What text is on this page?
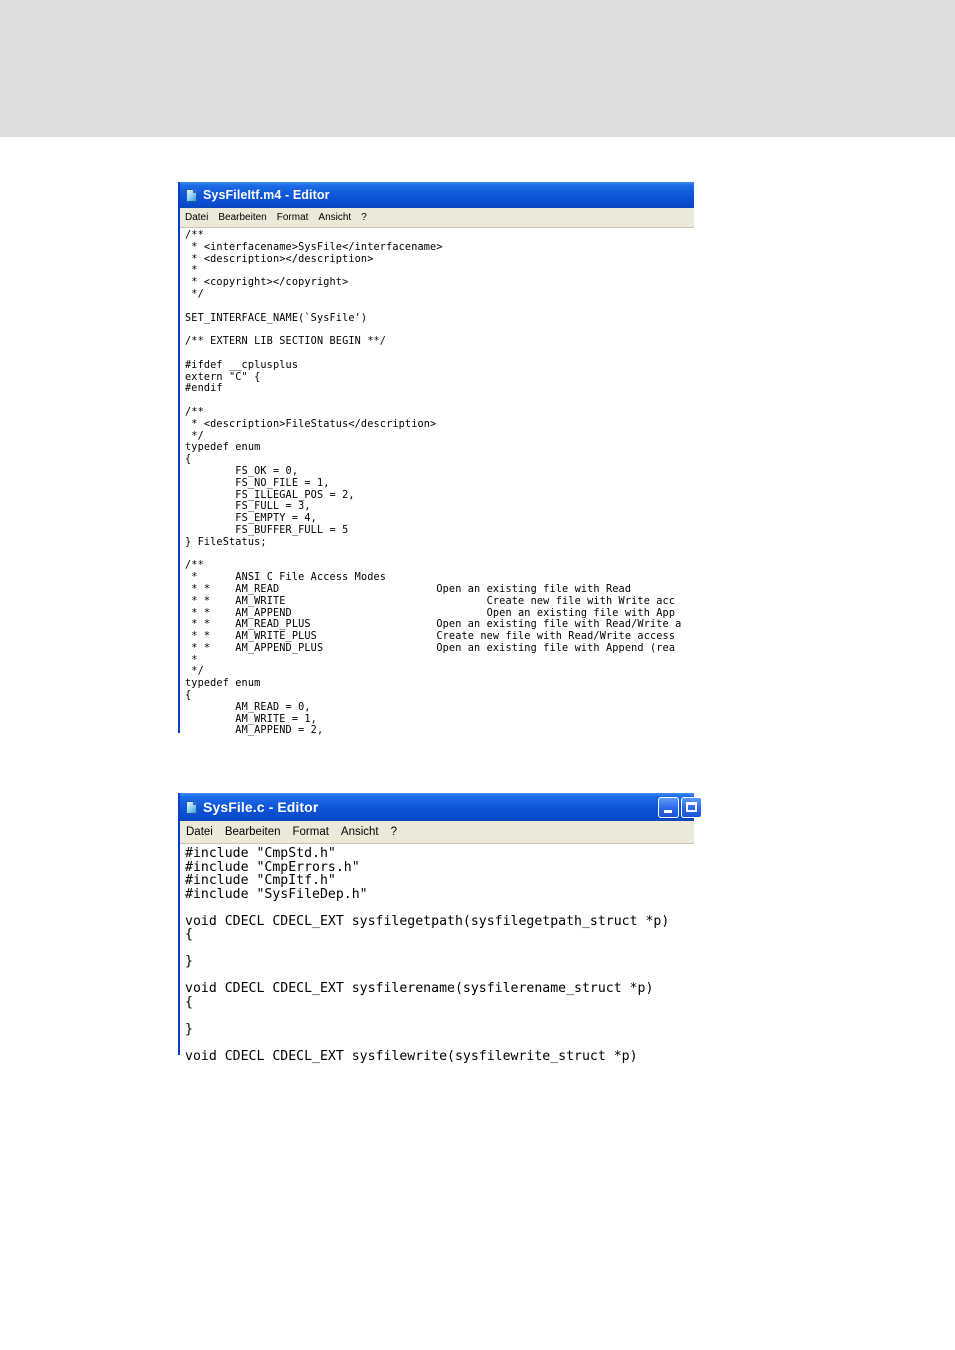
SysFileItf.m4 - Editor
Datei Bearbeiten Format Ansicht ?
/**
* <interfacename>SysFile</interfacename>
* <description></description>
*
* <copyright></copyright>
*/

SET_INTERFACE_NAME(`SysFile')

/** EXTERN LIB SECTION BEGIN **/

#ifdef __cplusplus
extern "C" {
#endif

/**
* <description>FileStatus</description>
*/
typedef enum
{
	FS_OK = 0,
	FS_NO_FILE = 1,
	FS_ILLEGAL_POS = 2,
	FS_FULL = 3,
	FS_EMPTY = 4,
	FS_BUFFER_FULL = 5
} FileStatus;

/**
*	ANSI C File Access Modes
* *	AM_READ				Open an existing file with Read
* *	AM_WRITE				Create new file with Write acc
* *	AM_APPEND				Open an existing file with App
* *	AM_READ_PLUS			Open an existing file with Read/Write a
* *	AM_WRITE_PLUS			Create new file with Read/Write access
* *	AM_APPEND_PLUS			Open an existing file with Append (rea
*
*/
typedef enum
{
	AM_READ = 0,
	AM_WRITE = 1,
	AM_APPEND = 2,
SysFile.c - Editor
Datei Bearbeiten Format Ansicht ?
#include "CmpStd.h"
#include "CmpErrors.h"
#include "CmpItf.h"
#include "SysFileDep.h"

void CDECL CDECL_EXT sysfilegetpath(sysfilegetpath_struct *p)
{

}

void CDECL CDECL_EXT sysfilerename(sysfilerename_struct *p)
{

}

void CDECL CDECL_EXT sysfilewrite(sysfilewrite_struct *p)
